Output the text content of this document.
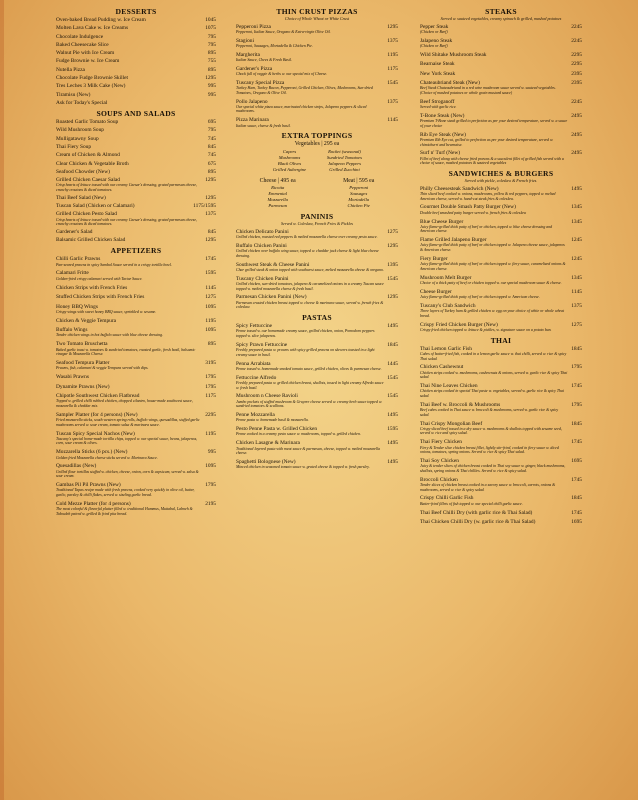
DESSERTS
Oven-baked Bread Pudding w. Ice Cream	1045
Molten Lava Cake w. Ice Creams	1075
Chocolate Indulgence	795
Baked Cheesecake Slice	795
Walnut Pie with Ice Cream	895
Fudge Brownie w. Ice Cream	755
Nutella Pizza	895
Chocolate Fudge Brownie Skillet	1295
Tres Leches 3 Milk Cake (New)	995
Tiramisu (New)	995
Ask for Today's Special
SOUPS AND SALADS
Roasted Garlic Tomato Soup	695
Wild Mushroom Soup	795
Mulligatawny Soup	745
Thai Fiery Soup	845
Cream of Chicken & Almond	745
Clear Chicken & Vegetable Broth	675
Seafood Chowder (New)	895
Grilled Chicken Caesar Salad	1295
Crisp hearts of lettuce tossed with our creamy Caesar's dressing, grated parmesan cheese, crunchy croutons & diced tomatoes.
Thai Beef Salad (New)	1295
Tuscan Salad (Chicken or Calamari)	1175/1595
Grilled Chicken Pesto Salad	1375
Crisp hearts of lettuce tossed with our creamy Caesar's dressing, grated parmesan cheese, crunchy croutons & diced tomatoes.
Gardener's Salad	845
Balsamic Grilled Chicken Salad	1295
APPETIZERS
Chilli Garlic Prawns	1745
Pan-seared prawns in spicy Sambal Sauce served in a crispy tortilla bowl.
Calamari Fritte	1595
Golden-fried crispy calamari served with Tartar Sauce.
Chicken Strips with French Fries	1145
Stuffed Chicken Strips with French Fries	1275
Honey BBQ Wings	1095
Crispy wings with sweet honey BBQ sauce, sprinkled w. sesame.
Chicken & Veggie Tempura	1195
Buffalo Wings	1095
Tender chicken wings in hot buffalo sauce with blue cheese dressing.
Two Tomato Bruschetta	895
Baked garlic toast w. tomatoes & sundried tomatoes, roasted garlic, fresh basil, balsamic vinegar & Mozzarella Cheese.
Seafood Tempura Platter	3195
Prawns, fish, calamari & veggie Tempura served with dips.
Wasabi Prawns	1795
Dynamite Prawns (New)	1795
Chipotle Southwest Chicken Flatbread	1175
Topped w. grilled chilli rubbed chicken, chopped cilantro, house-made southwest sauce, mozzarella & cheddar mix.
Sampler Platter (for 4 persons) (New)	2295
Fried mozzarella sticks, south western spring rolls, buffalo wings, quesadillas, stuffed garlic mushrooms served w. sour cream, tomato salsa & marinara sauce.
Tuscan Spicy Special Nachos (New)	1195
Tuscany's special home-made tortilla chips, topped w. our special sauce, beans, jalapenos, corn, sour cream & olives.
Mozzarella Sticks (6 pcs.) (New)	995
Golden fried Mozzarella cheese sticks served w. Marinara Sauce.
Quesadillas (New)	1095
Grilled flour tortillas stuffed w. chicken, cheese, onion, corn & capsicum, served w. salsa & sour cream.
Gambas Pil Pil Prawns (New)	1795
Traditional Tapas recipe made with fresh prawns, cooked very quickly in olive oil, butter, garlic, parsley & chilli flakes, served w. sizzling garlic bread.
Cold Mezze Platter (for 4 persons)	2195
The most colorful & flavorful platter filled w. traditional Hummus, Muttabal, Labneh & Tabouleh paired w. grilled & fried pita bread.
THIN CRUST PIZZAS
Choice of Whole Wheat or White Crust
Pepperoni Pizza	1295
Pepperoni, Italian Sauce, Oregano & Extra-virgin Olive Oil.
Stagioni	1375
Pepperoni, Sausages, Mortadella & Chicken Pie.
Margherita	1195
Italian Sauce, Chees & Fresh Basil.
Gardener's Pizza	1175
Chock full of veggie & herbs w. our special mix of Cheese.
Tuscany Special Pizza	1545
Turkey Ham, Turkey Bacon, Pepperoni, Grilled Chicken, Olives, Mushrooms, Sun-dried Tomatoes, Oregano & Olive Oil.
Pollo Jalapeno	1375
Our special white pizza sauce, marinated chicken strips, Jalapeno peppers & sliced mushrooms.
Pizza Marinara	1145
Italian sauce, cheese & fresh basil.
EXTRA TOPPINGS
Vegetables | 295 ea
Capers	Rocket (seasonal)
Mushrooms	Sundried Tomatoes
Black Olives	Jalapeno Peppers
Grilled Aubergine	Grilled Zucchini
Cheese | 495 ea
Ricotta
Emmental
Mozzarella
Parmesan
Meat | 595 ea
Pepperoni
Sausages
Mortadella
Chicken Pie
PANINIS
Served w. Coleslaw, French Fries & Pickles
Chicken Delicato Panini	1275
Grilled chicken, roasted red peppers & melted mozzarella cheese over creamy pesto sauce.
Buffalo Chicken Panini	1295
Grilled chicken over buffalo wing sauce, topped w. cheddar jack cheese & light blue cheese dressing.
Southwest Steak & Cheese Panini	1395
Char grilled steak & onion topped with southwest sauce, melted mozzarella cheese & oregano.
Tuscany Chicken Panini	1545
Grilled chicken, sun-dried tomatoes, jalapeno & caramelized onions in a creamy Tuscan sauce topped w. melted mozzarella cheese & fresh basil.
Parmesan Chicken Panini (New)	1295
Parmesan crusted chicken breast topped w. cheese & marinara sauce, served w. french fries & coleslaw.
PASTAS
Spicy Fettuccine	1495
Penne tossed w. our homemade creamy sauce, grilled chicken, onion, Pomodoro peppers topped w. slice jalapenos.
Spicy Prawn Fettuccine	1845
Freshly prepared pasta w. prawns with spicy grilled prawns on skewers toasted in a light creamy sauce in basil.
Penna Arrabiata	1445
Penne tossed w. homemade smoked tomato sauce, grilled chicken, olives & parmesan cheese.
Fettuccine Alfredo	1545
Freshly prepared pasta w. grilled chicken breast, shallots, tossed in light creamy Alfredo sauce w. fresh basil.
Mushroom n Cheese Ravioli	1545
Jumbo pockets of stuffed mushroom & Gruyere cheese served w. creamy herb sauce topped w. sundried tomatoes & scallions.
Penne Mozzarella	1495
Penne pasta w. homemade basil & mozzarella.
Pesto Penne Pasta w. Grilled Chicken	1595
Penne cooked in a creamy pesto sauce w. mushrooms, topped w. grilled chicken.
Chicken Lasagne & Marinara	1495
Traditional layered pasta with meat sauce & parmesan, cheese, topped w. melted mozzarella cheese.
Spaghetti Bolognese (New)	1495
Minced chicken in seasoned tomato sauce w. grated cheese & topped w. fresh parsley.
STEAKS
Served w. sauteed vegetables, creamy spinach & grilled, mashed potatoes
Pepper Steak	2245
(Chicken or Beef)
Jalapeno Steak	2245
(Chicken or Beef)
Wild Shitake Mushroom Steak	2295
Bearnaise Steak	2295
New York Steak	2395
Chateaubriand Steak (New)	2395
Beef Steak Chateaubriand in a red wine mushroom sauce served w. sauteed vegetables. (Choice of mashed potatoes or whole grain mustard sauce)
Beef Stroganoff	2245
Served with garlic rice.
T-Bone Steak (New)	2495
Premium T-Bone steak grilled to perfection as per your desired temperature, served w. a sauce of your choice
Rib Eye Steak (New)	2495
Premium Rib Eye cut, grilled to perfection as per your desired temperature, served w. chimichurri and bearnaise.
Surf n' Turf (New)	2495
Fillet of beef along with cheese fried prawns & a succulent fillet of grilled fish served with a choice of sauce, mashed potatoes & sauteed vegetables
SANDWICHES & BURGERS
Served with pickle, coleslaw & French fries.
Philly Cheesesteak Sandwich (New)	1495
Thin sliced beef cooked w. onions, mushrooms, yellow & red peppers, topped w. melted American cheese, served w. hand-cut steak fries & coleslaw.
Gourmet Double Smash Patty Burger (New)	1345
Double beef smashed patty burger served w. french fries & coleslaw
Blue Cheese Burger	1345
Juicy flame-grilled thick patty of beef or chicken, topped w. blue cheese dressing and American cheese.
Flame Grilled Jalapeno Burger	1245
Juicy flame-grilled thick patty of beef or chicken topped w. Jalapeno cheese sauce, jalapenos & American cheese.
Fiery Burger	1245
Juicy flame-grilled thick patty of beef or chicken topped w. fiery sauce, caramelized onions & American cheese.
Mushroom Melt Burger	1345
Choice of a thick patty of beef or chicken topped w. our special mushroom sauce & cheese.
Cheese Burger	1145
Juicy flame-grilled thick patty of beef or chicken topped w. American cheese.
Tuscany's Club Sandwich	1375
Three layers of Turkey ham & grilled chicken w. egg on your choice of white or whole wheat bread.
Crispy Fried Chicken Burger (New)	1275
Crispy fried chicken topped w. lettuce & pickles, w. signature sauce on a potato bun.
THAI
Thai Lemon Garlic Fish	1845
Cubes of batter-fried fish, cooked in a lemon garlic sauce w. thai chilli, served w. rice & spicy Thai salad.
Chicken Cashewnut	1795
Chicken strips cooked w. mushrooms, cashewnuts & onions, served w. garlic rice & spicy Thai salad.
Thai Nine Leaves Chicken	1745
Chicken strips cooked in special Thai paste w. vegetables, served w. garlic rice & spicy Thai salad.
Thai Beef w. Broccoli & Mushrooms	1795
Beef cubes cooked in Thai sauce w. broccoli & mushrooms, served w. garlic rice & spicy salad.
Thai Crispy Mongolian Beef	1845
Crispy sliced beef tossed in a dry sauce w. mushrooms & shallots topped with sesame seed, served w. rice and spicy salad.
Thai Fiery Chicken	1745
Fiery & Tender slice chicken breast fillet, lightly stir-fried, cooked in fiery sauce w. diced onions, tomatoes, spring onions. Served w. rice & spicy Thai salad.
Thai Soy Chicken	1695
Juicy & tender slices of chicken breast cooked in Thai soy sauce w. ginger, black mushrooms, shallots, spring onions & Thai chillies. Served w. rice & spicy salad.
Broccoli Chicken	1745
Tender slices of chicken breast cooked in a savory sauce w. broccoli, carrots, onions & mushrooms, served w. rice & spicy salad.
Crispy Chilli Garlic Fish	1845
Batter-fried fillets of fish topped w. our special chilli garlic sauce.
Thai Beef Chilli Dry (with garlic rice & Thai Salad)	1745
Thai Chicken Chilli Dry (w. garlic rice & Thai Salad)	1695
